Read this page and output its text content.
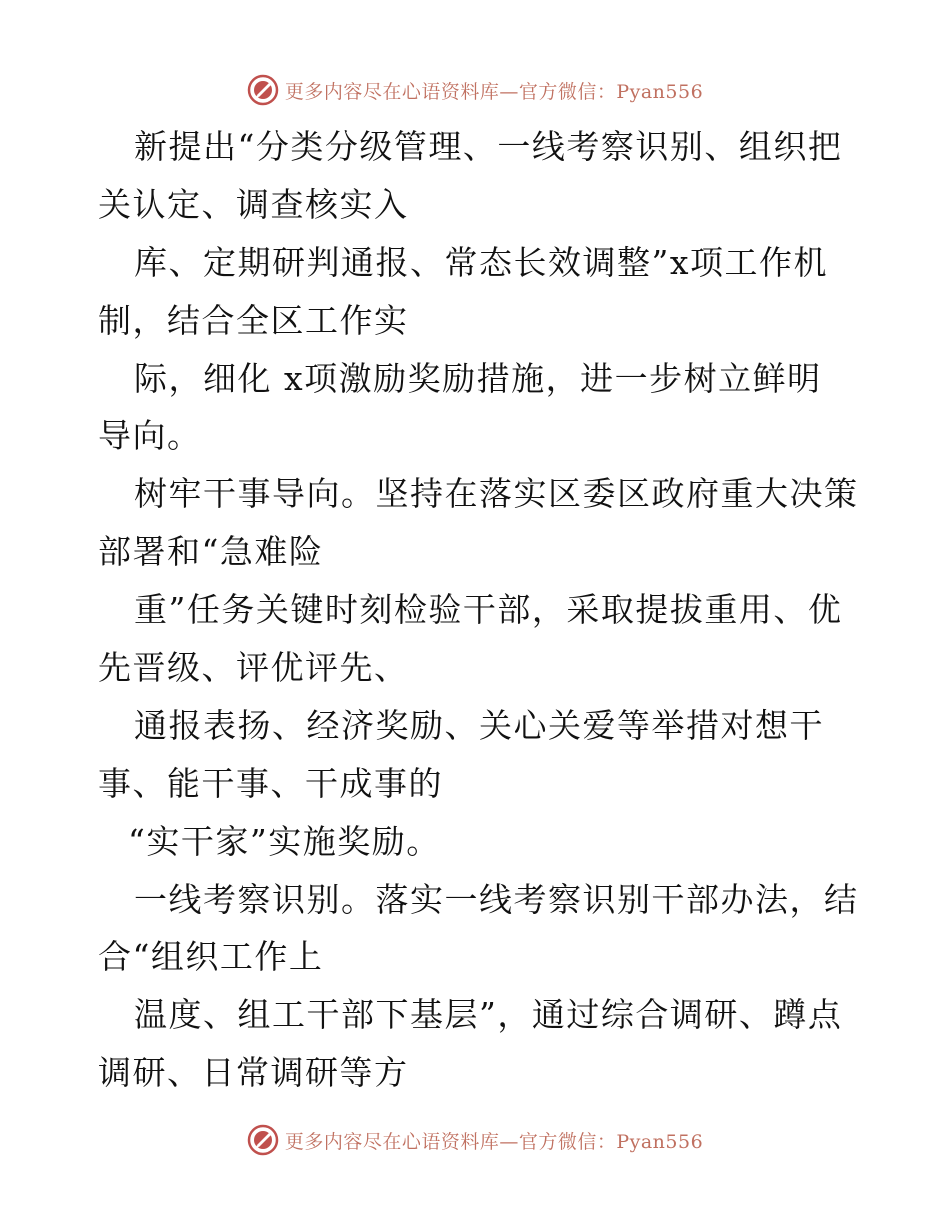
更多内容尽在心语资料库—官方微信：Pyan556
新提出“分类分级管理、一线考察识别、组织把
关认定、调查核实入
库、定期研判通报、常态长效调整”x项工作机
制，结合全区工作实
际，细化 x项激励奖励措施，进一步树立鲜明
导向。
树牢干事导向。坚持在落实区委区政府重大决策
部署和“急难险
重”任务关键时刻检验干部，采取提拔重用、优
先晋级、评优评先、
通报表扬、经济奖励、关心关爱等举措对想干
事、能干事、干成事的
“实干家”实施奖励。
一线考察识别。落实一线考察识别干部办法，结
合“组织工作上
温度、组工干部下基层”，通过综合调研、蹲点
调研、日常调研等方
更多内容尽在心语资料库—官方微信：Pyan556
